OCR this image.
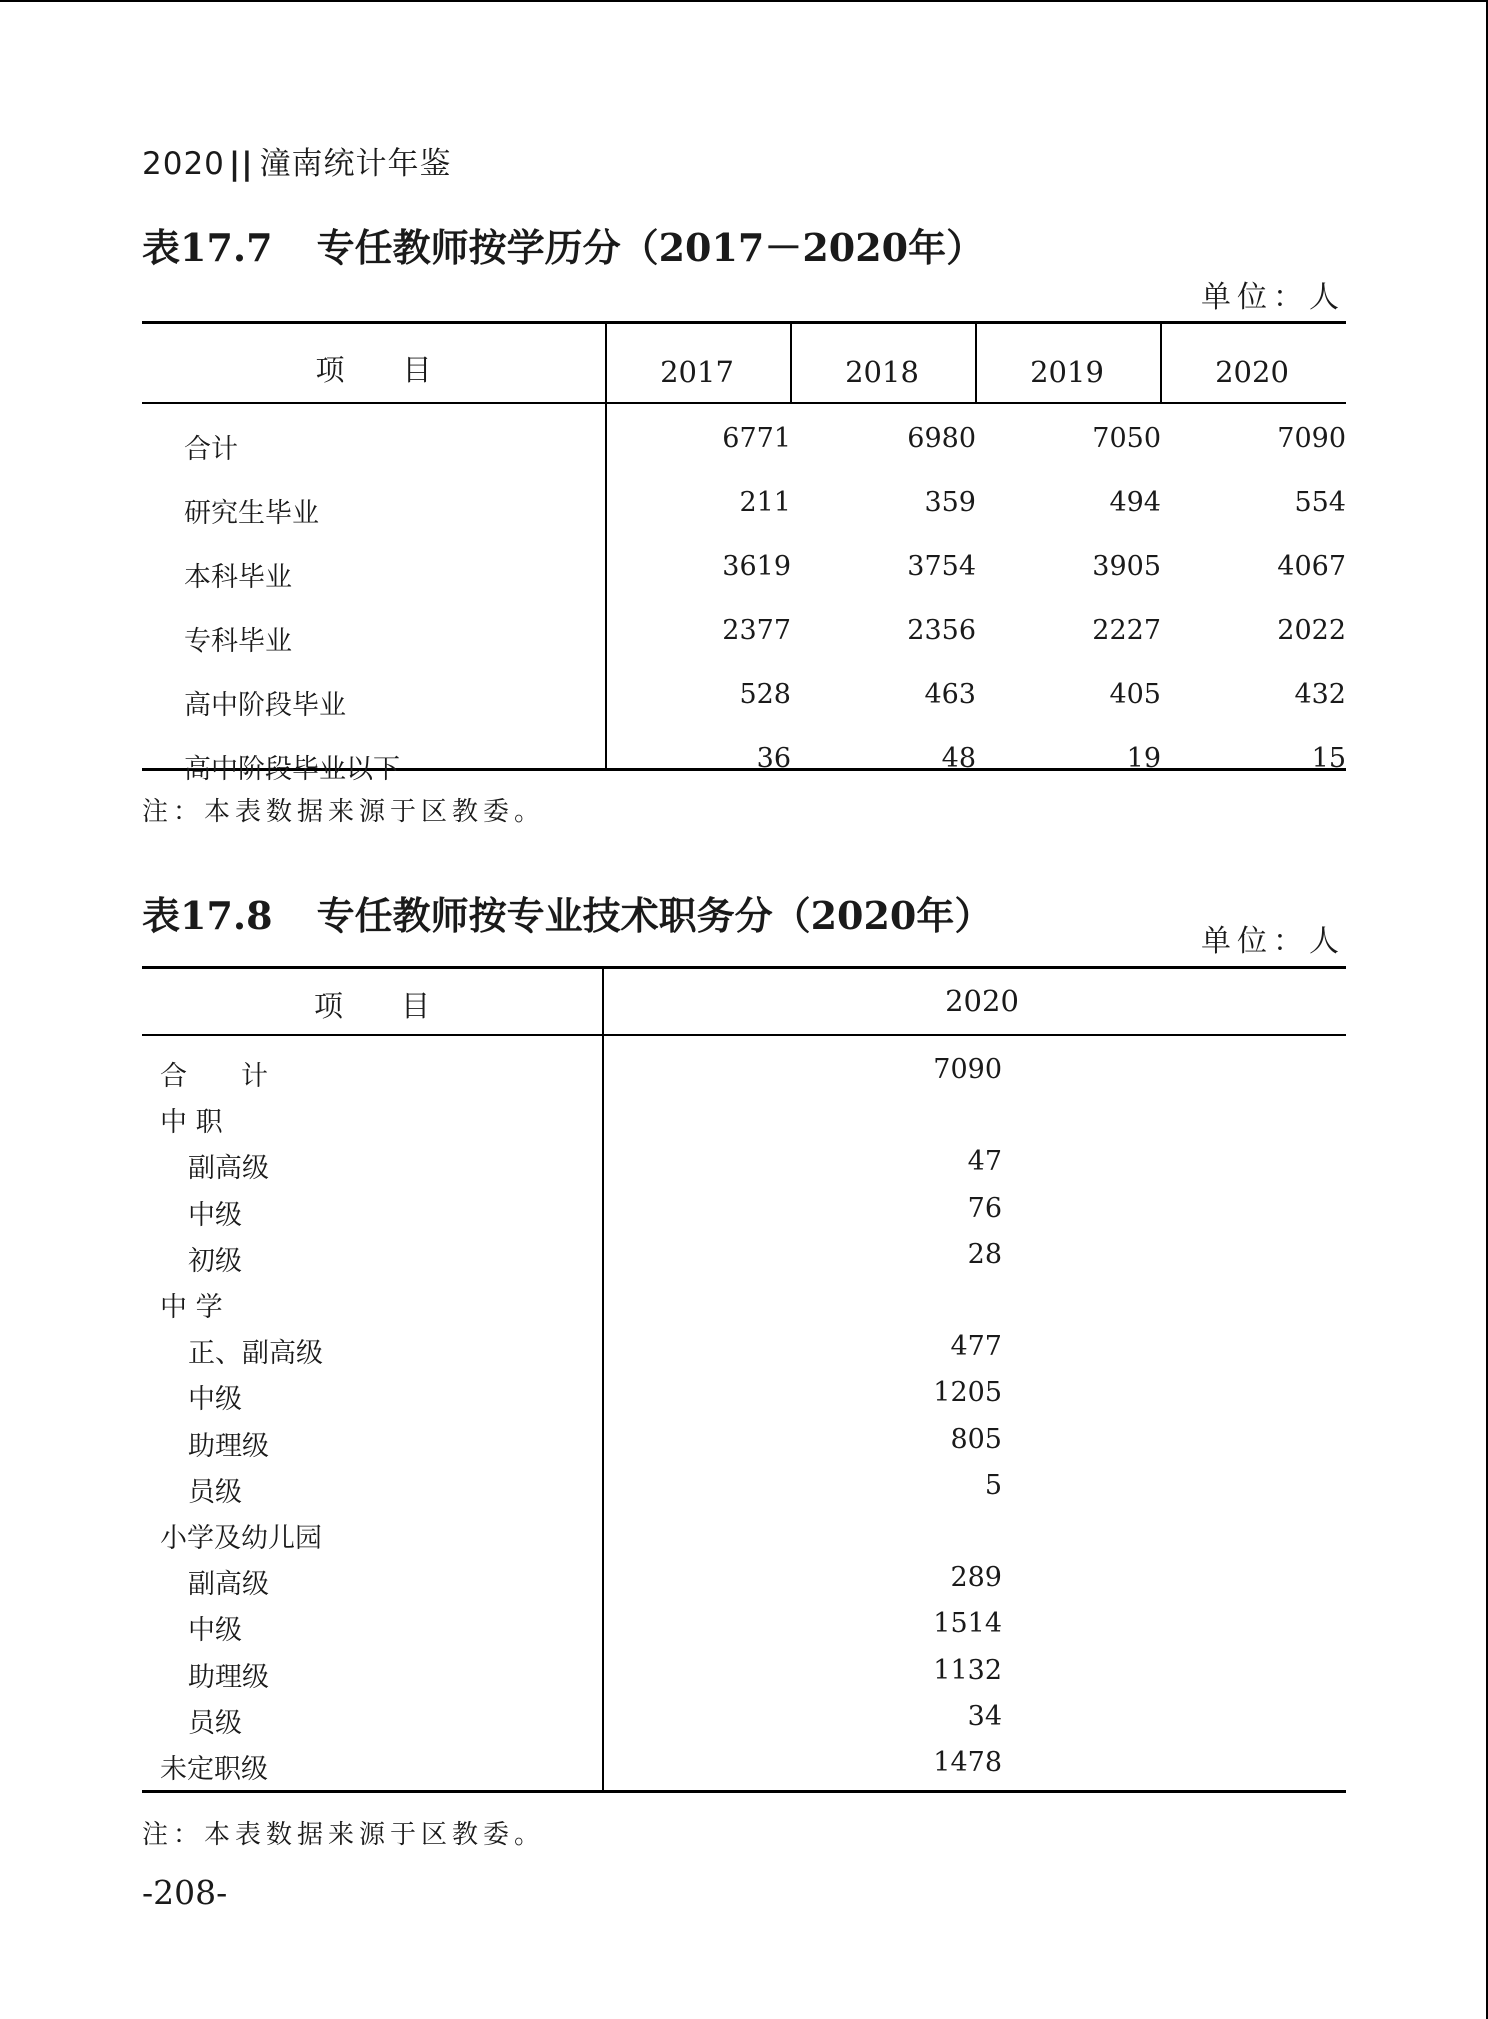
2020 || 潼南统计年鉴
表17.7 专任教师按学历分（2017－2020年）
单位：人
项　　目	2017	2018	2019	2020
合计	6771	6980	7050	7090
研究生毕业	211	359	494	554
本科毕业	3619	3754	3905	4067
专科毕业	2377	2356	2227	2022
高中阶段毕业	528	463	405	432
高中阶段毕业以下	36	48	19	15
注：本表数据来源于区教委。
表17.8 专任教师按专业技术职务分（2020年）
单位：人
项　　目	2020
合　　计	7090
中 职
副高级	47
中级	76
初级	28
中 学
正、副高级	477
中级	1205
助理级	805
员级	5
小学及幼儿园
副高级	289
中级	1514
助理级	1132
员级	34
未定职级	1478
注：本表数据来源于区教委。
-208-
